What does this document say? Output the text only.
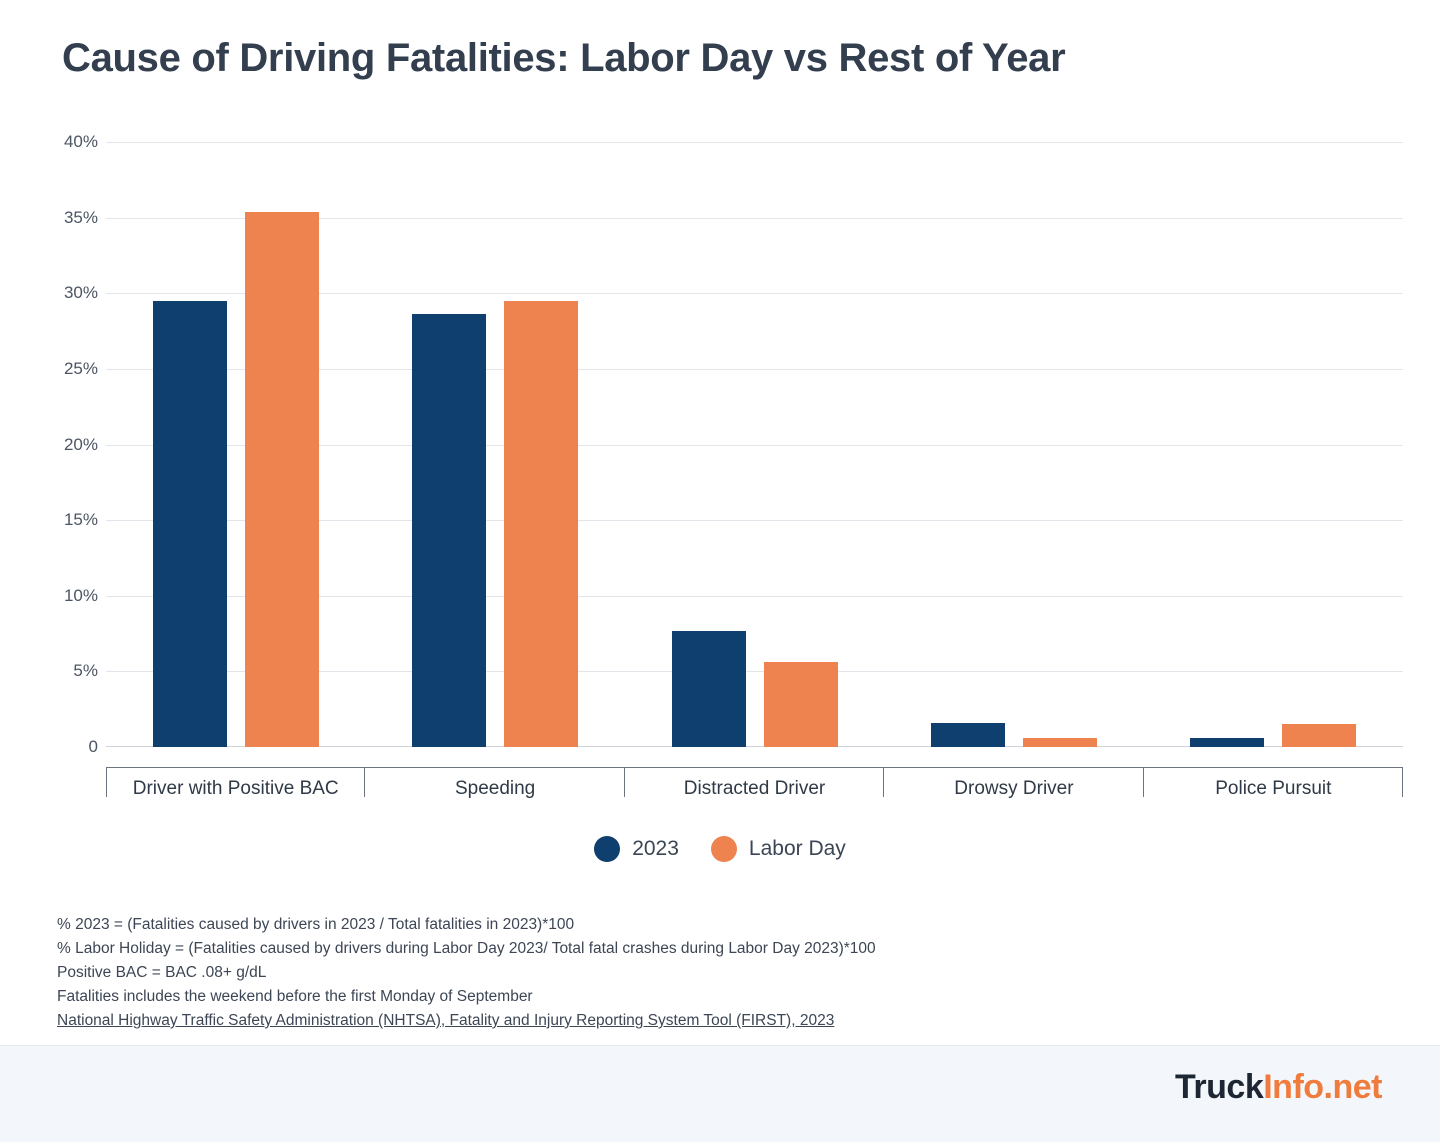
Cause of Driving Fatalities: Labor Day vs Rest of Year
40%
35%
30%
25%
20%
15%
10%
5%
0
Driver with Positive BAC	Speeding	Distracted Driver	Drowsy Driver	Police Pursuit
2023	Labor Day
% 2023 = (Fatalities caused by drivers in 2023 / Total fatalities in 2023)*100
% Labor Holiday = (Fatalities caused by drivers during Labor Day 2023/ Total fatal crashes during Labor Day 2023)*100
Positive BAC = BAC .08+ g/dL
Fatalities includes the weekend before the first Monday of September
National Highway Traffic Safety Administration (NHTSA), Fatality and Injury Reporting System Tool (FIRST), 2023
TruckInfo.net
